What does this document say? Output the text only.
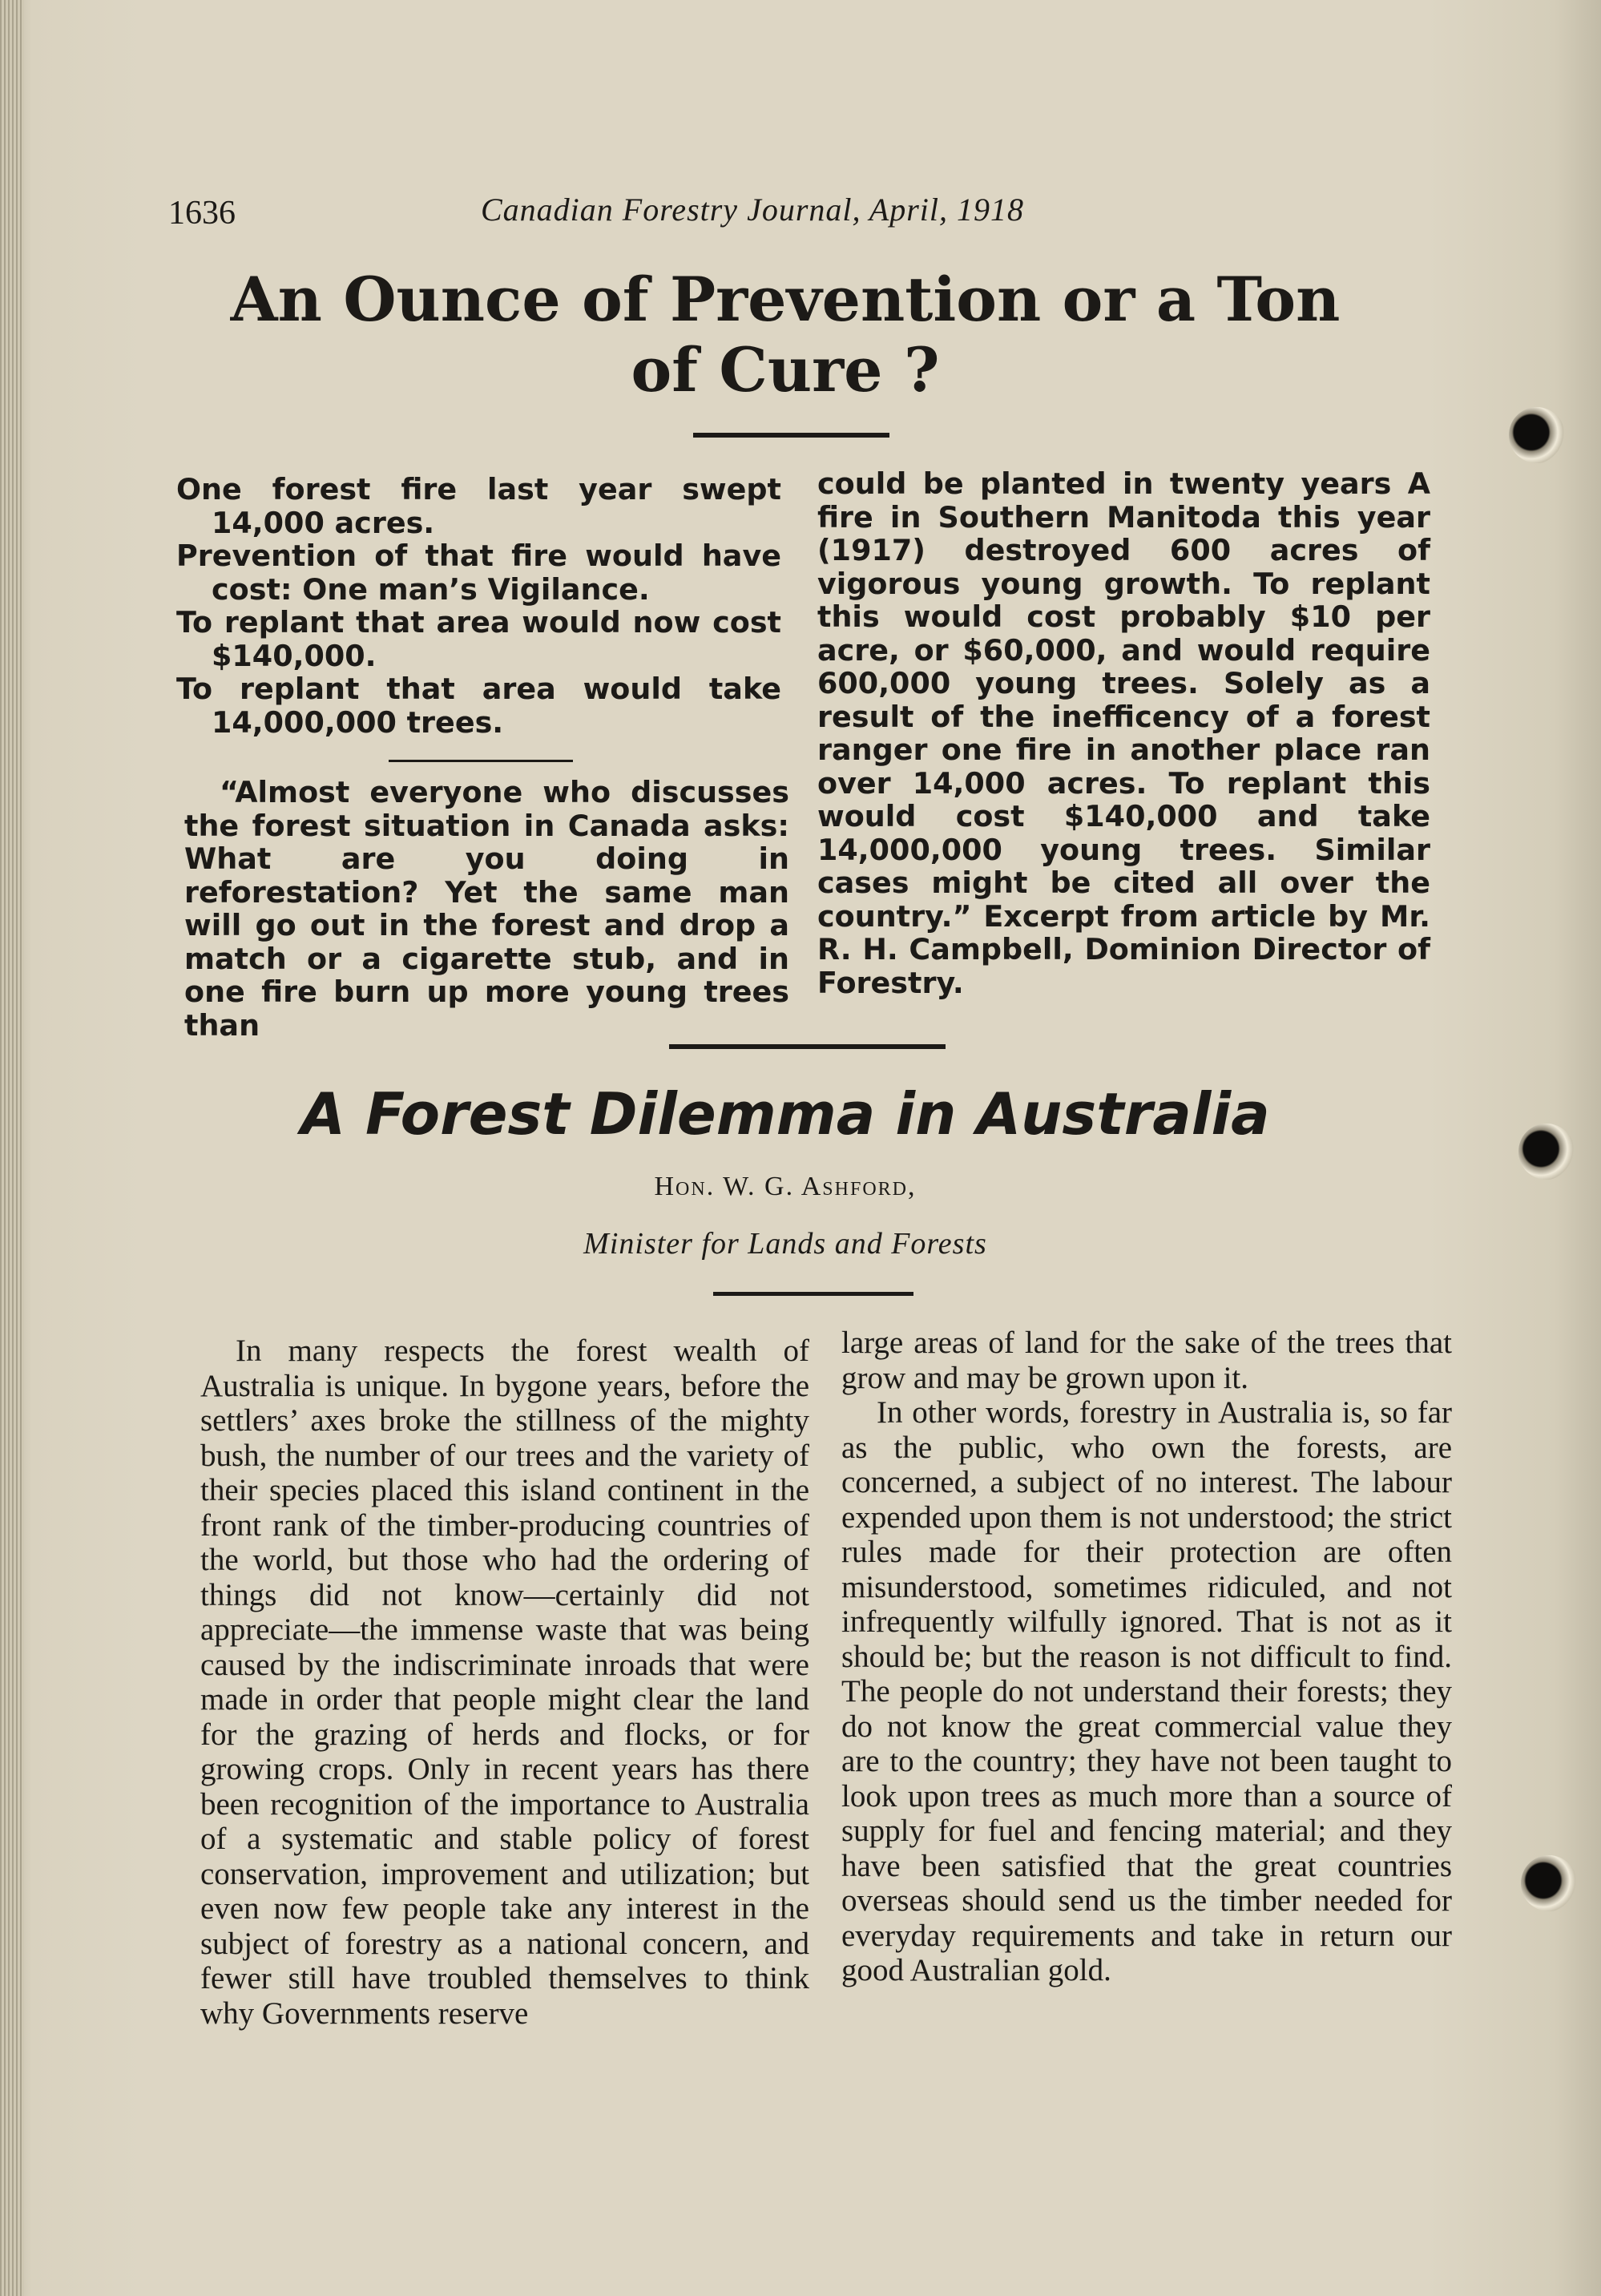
1636	Canadian Forestry Journal, April, 1918
An Ounce of Prevention or a Ton
of Cure ?

One forest fire last year swept 14,000 acres.

Prevention of that fire would have cost: One man’s Vigilance.

To replant that area would now cost $140,000.

To replant that area would take 14,000,000 trees.

“Almost everyone who discusses the forest situation in Canada asks: What are you doing in reforestation? Yet the same man will go out in the forest and drop a match or a cigarette stub, and in one fire burn up more young trees than

could be planted in twenty years A fire in Southern Manitoda this year (1917) destroyed 600 acres of vigorous young growth. To replant this would cost probably $10 per acre, or $60,000, and would require 600,000 young trees. Solely as a result of the inefficency of a forest ranger one fire in another place ran over 14,000 acres. To replant this would cost $140,000 and take 14,000,000 young trees. Similar cases might be cited all over the country.” Excerpt from article by Mr. R. H. Campbell, Dominion Director of Forestry.

A Forest Dilemma in Australia
Hon. W. G. Ashford,
Minister for Lands and Forests

In many respects the forest wealth of Australia is unique. In bygone years, before the settlers’ axes broke the stillness of the mighty bush, the number of our trees and the variety of their species placed this island continent in the front rank of the timber-producing countries of the world, but those who had the ordering of things did not know—certainly did not appreciate—the immense waste that was being caused by the indiscriminate inroads that were made in order that people might clear the land for the grazing of herds and flocks, or for growing crops. Only in recent years has there been recognition of the importance to Australia of a systematic and stable policy of forest conservation, improvement and utilization; but even now few people take any interest in the subject of forestry as a national concern, and fewer still have troubled themselves to think why Governments reserve

large areas of land for the sake of the trees that grow and may be grown upon it.

In other words, forestry in Australia is, so far as the public, who own the forests, are concerned, a subject of no interest. The labour expended upon them is not understood; the strict rules made for their protection are often misunderstood, sometimes ridiculed, and not infrequently wilfully ignored. That is not as it should be; but the reason is not difficult to find. The people do not understand their forests; they do not know the great commercial value they are to the country; they have not been taught to look upon trees as much more than a source of supply for fuel and fencing material; and they have been satisfied that the great countries overseas should send us the timber needed for everyday requirements and take in return our good Australian gold.
